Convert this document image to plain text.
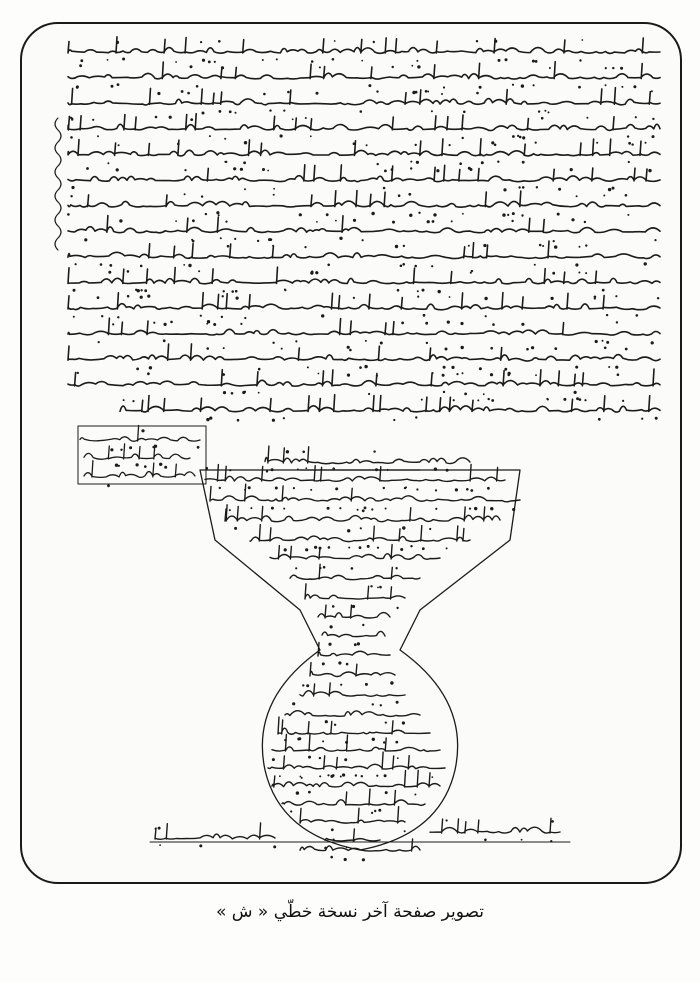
تصوير صفحة آخر نسخة خطّي « ش »
